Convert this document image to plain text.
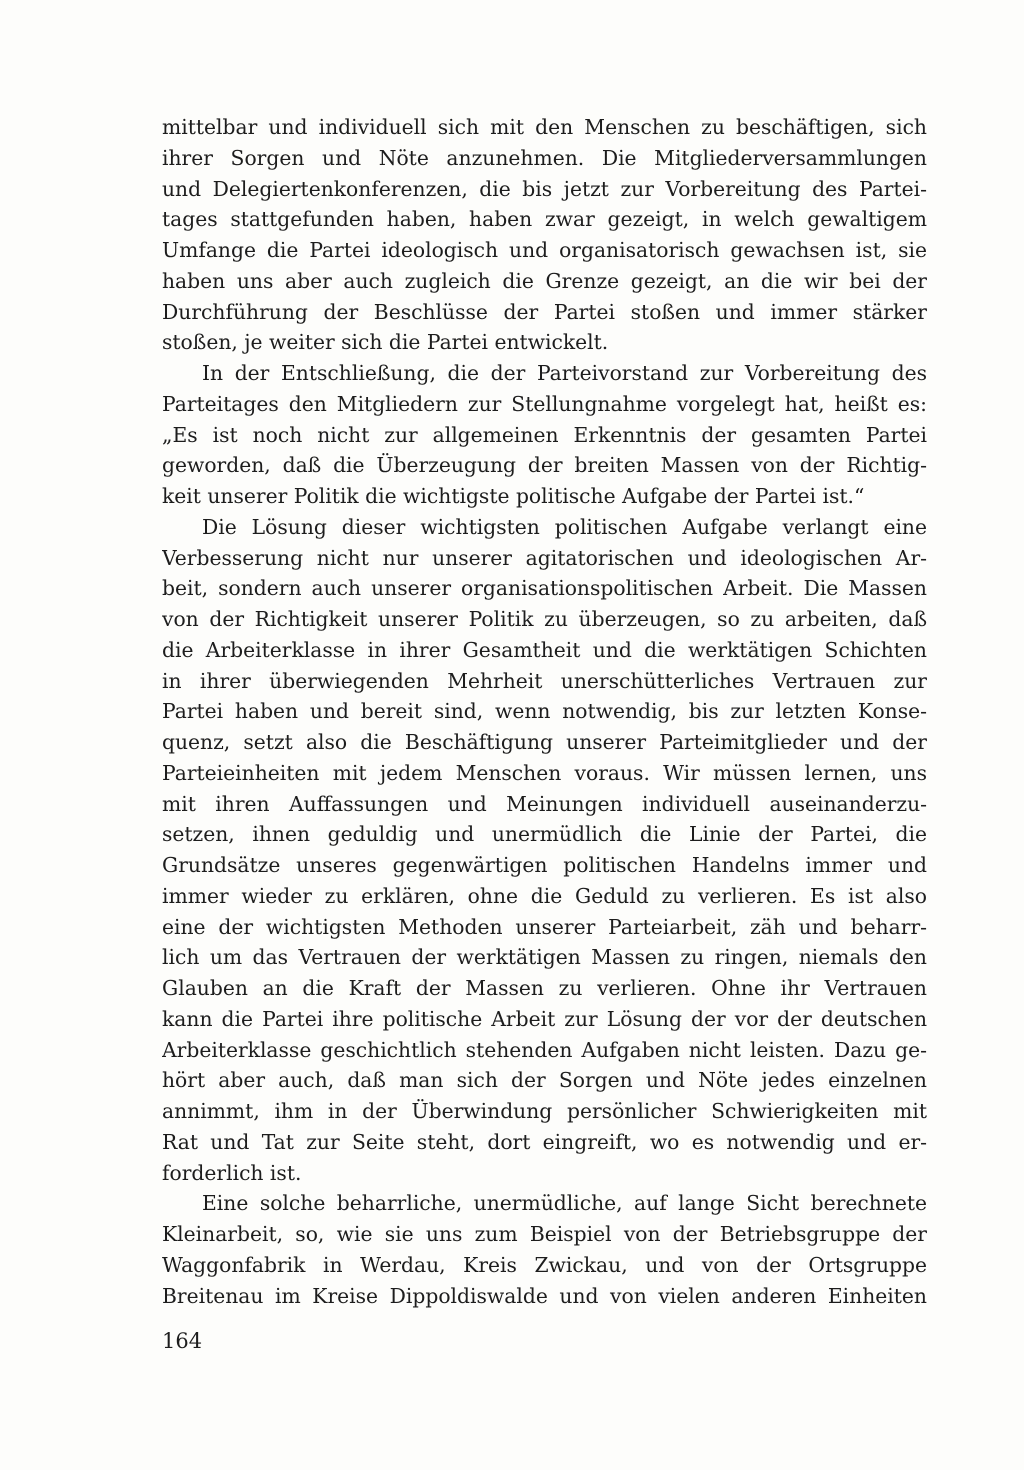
mittelbar und individuell sich mit den Menschen zu beschäftigen, sich
ihrer Sorgen und Nöte anzunehmen. Die Mitgliederversammlungen
und Delegiertenkonferenzen, die bis jetzt zur Vorbereitung des Partei-
tages stattgefunden haben, haben zwar gezeigt, in welch gewaltigem
Umfange die Partei ideologisch und organisatorisch gewachsen ist, sie
haben uns aber auch zugleich die Grenze gezeigt, an die wir bei der
Durchführung der Beschlüsse der Partei stoßen und immer stärker
stoßen, je weiter sich die Partei entwickelt.
In der Entschließung, die der Parteivorstand zur Vorbereitung des
Parteitages den Mitgliedern zur Stellungnahme vorgelegt hat, heißt es:
„Es ist noch nicht zur allgemeinen Erkenntnis der gesamten Partei
geworden, daß die Überzeugung der breiten Massen von der Richtig-
keit unserer Politik die wichtigste politische Aufgabe der Partei ist.“
Die Lösung dieser wichtigsten politischen Aufgabe verlangt eine
Verbesserung nicht nur unserer agitatorischen und ideologischen Ar-
beit, sondern auch unserer organisationspolitischen Arbeit. Die Massen
von der Richtigkeit unserer Politik zu überzeugen, so zu arbeiten, daß
die Arbeiterklasse in ihrer Gesamtheit und die werktätigen Schichten
in ihrer überwiegenden Mehrheit unerschütterliches Vertrauen zur
Partei haben und bereit sind, wenn notwendig, bis zur letzten Konse-
quenz, setzt also die Beschäftigung unserer Parteimitglieder und der
Parteieinheiten mit jedem Menschen voraus. Wir müssen lernen, uns
mit ihren Auffassungen und Meinungen individuell auseinanderzu-
setzen, ihnen geduldig und unermüdlich die Linie der Partei, die
Grundsätze unseres gegenwärtigen politischen Handelns immer und
immer wieder zu erklären, ohne die Geduld zu verlieren. Es ist also
eine der wichtigsten Methoden unserer Parteiarbeit, zäh und beharr-
lich um das Vertrauen der werktätigen Massen zu ringen, niemals den
Glauben an die Kraft der Massen zu verlieren. Ohne ihr Vertrauen
kann die Partei ihre politische Arbeit zur Lösung der vor der deutschen
Arbeiterklasse geschichtlich stehenden Aufgaben nicht leisten. Dazu ge-
hört aber auch, daß man sich der Sorgen und Nöte jedes einzelnen
annimmt, ihm in der Überwindung persönlicher Schwierigkeiten mit
Rat und Tat zur Seite steht, dort eingreift, wo es notwendig und er-
forderlich ist.
Eine solche beharrliche, unermüdliche, auf lange Sicht berechnete
Kleinarbeit, so, wie sie uns zum Beispiel von der Betriebsgruppe der
Waggonfabrik in Werdau, Kreis Zwickau, und von der Ortsgruppe
Breitenau im Kreise Dippoldiswalde und von vielen anderen Einheiten
164
